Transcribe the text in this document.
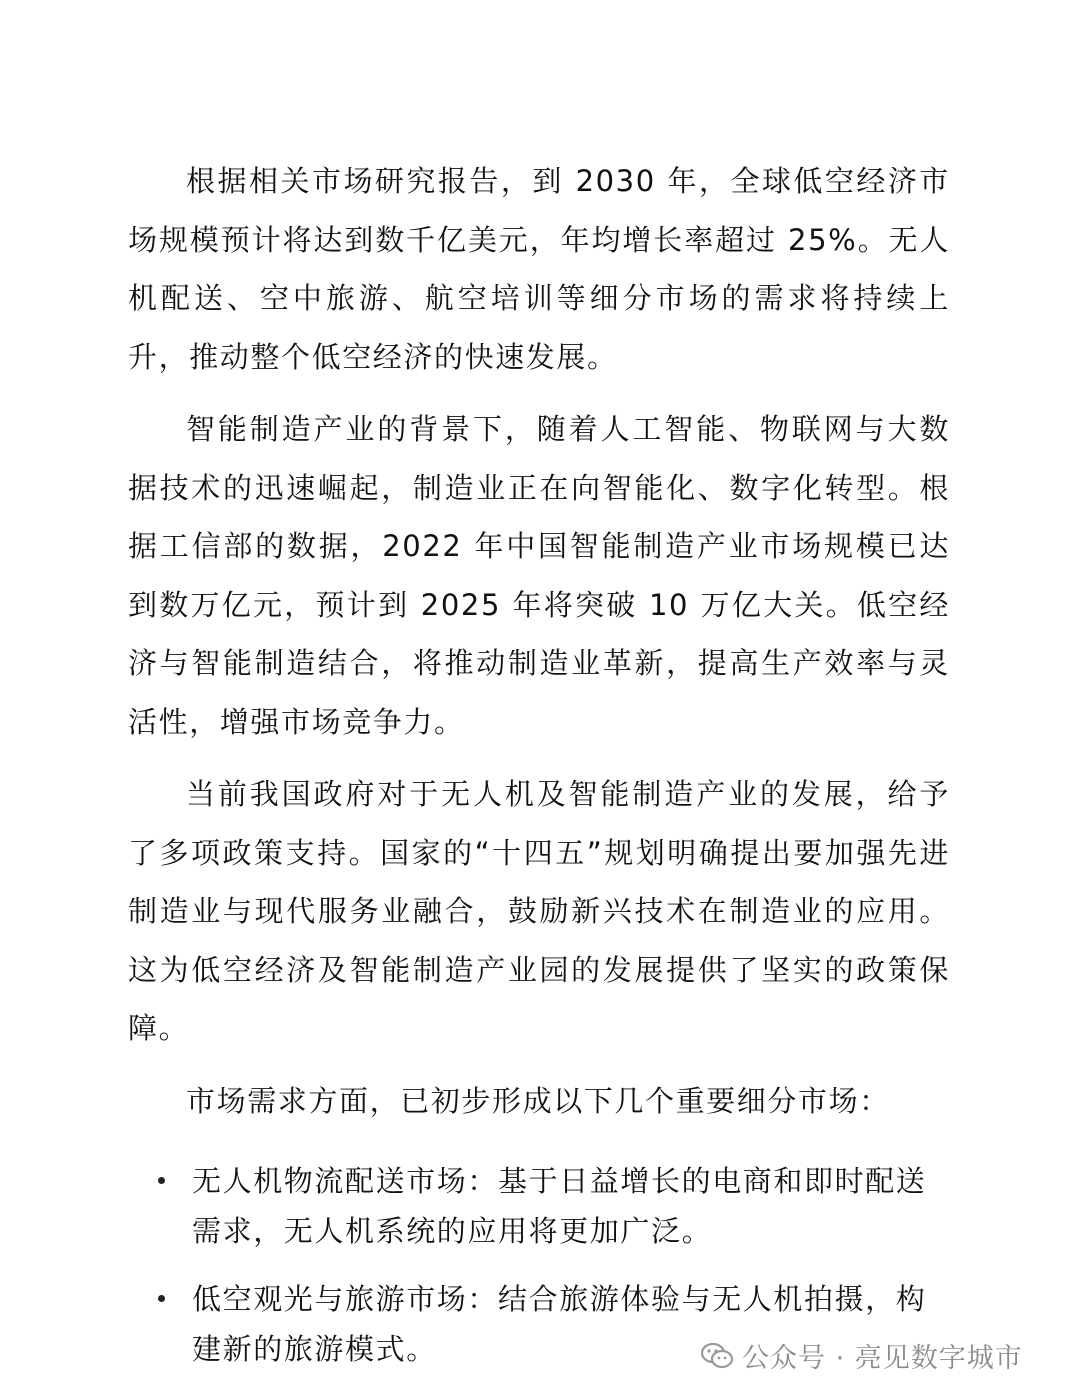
根据相关市场研究报告，到 2030 年，全球低空经济市场规模预计将达到数千亿美元，年均增长率超过 25%。无人机配送、空中旅游、航空培训等细分市场的需求将持续上升，推动整个低空经济的快速发展。

智能制造产业的背景下，随着人工智能、物联网与大数据技术的迅速崛起，制造业正在向智能化、数字化转型。根据工信部的数据，2022 年中国智能制造产业市场规模已达到数万亿元，预计到 2025 年将突破 10 万亿大关。低空经济与智能制造结合，将推动制造业革新，提高生产效率与灵活性，增强市场竞争力。

当前我国政府对于无人机及智能制造产业的发展，给予了多项政策支持。国家的“十四五”规划明确提出要加强先进制造业与现代服务业融合，鼓励新兴技术在制造业的应用。这为低空经济及智能制造产业园的发展提供了坚实的政策保障。

市场需求方面，已初步形成以下几个重要细分市场：

无人机物流配送市场：基于日益增长的电商和即时配送需求，无人机系统的应用将更加广泛。
低空观光与旅游市场：结合旅游体验与无人机拍摄，构建新的旅游模式。	公众号 · 亮见数字城市
